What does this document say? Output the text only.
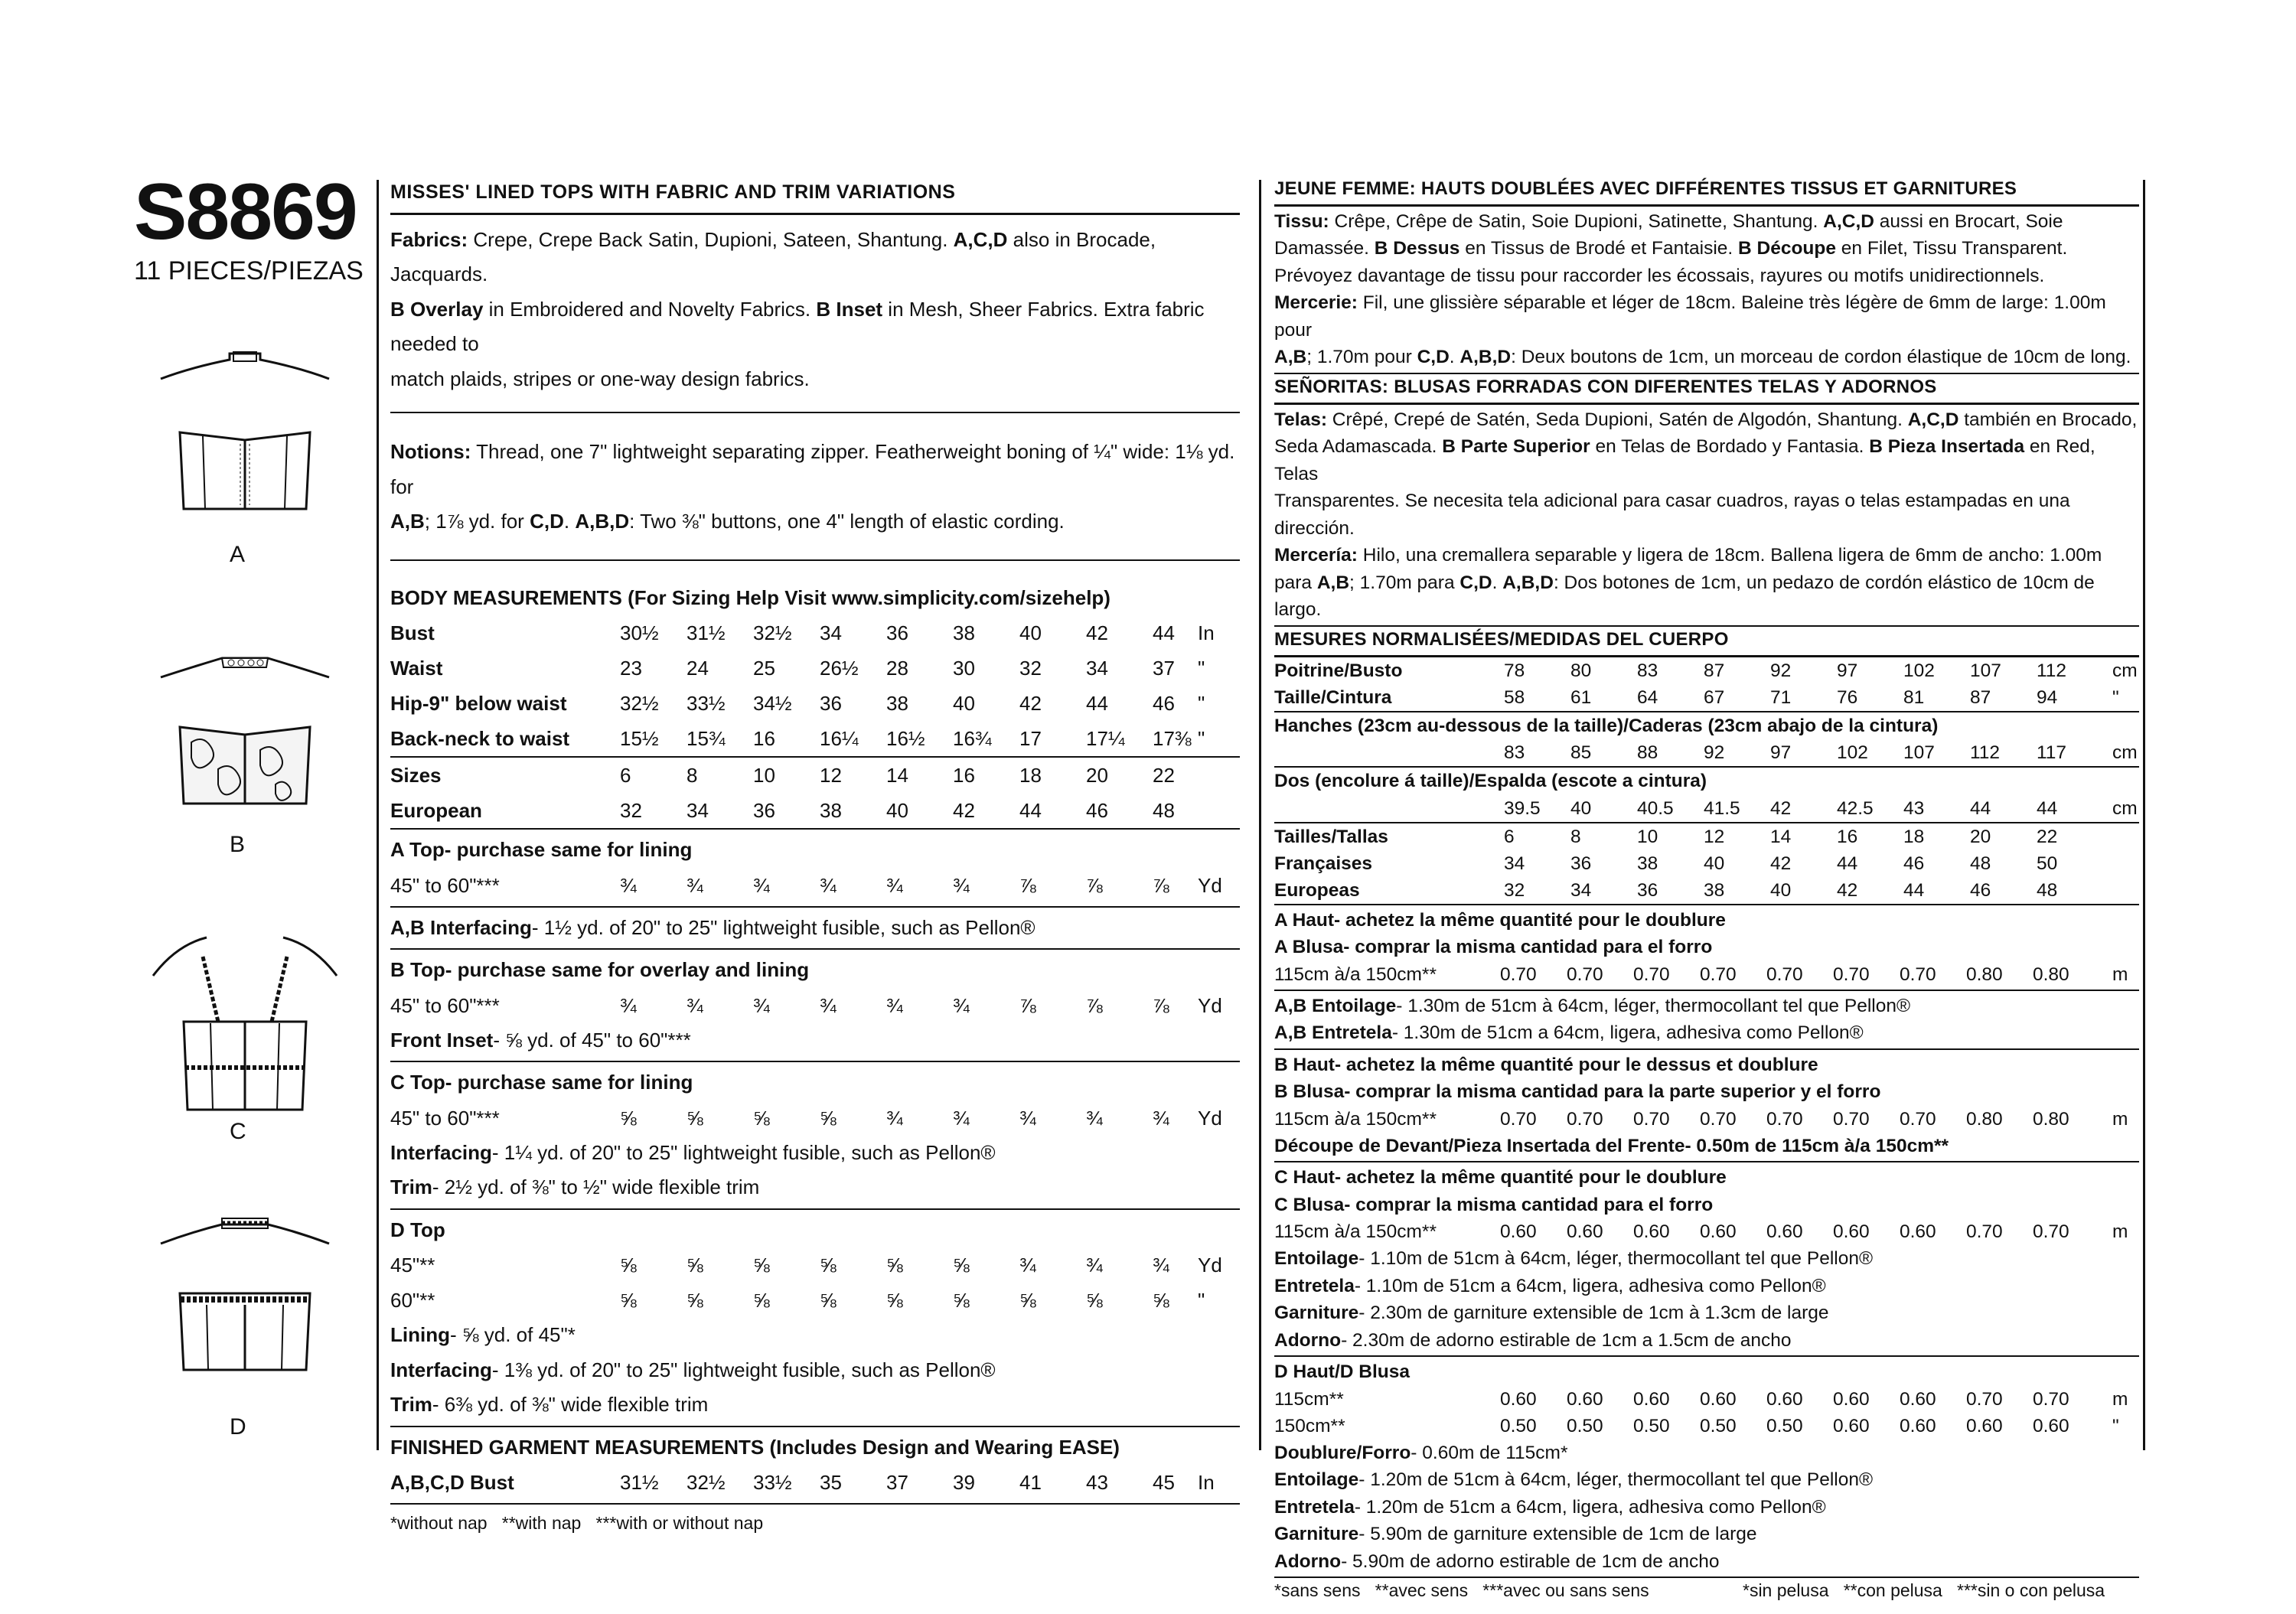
S8869
11 PIECES/PIEZAS
A
B
C
D
MISSES' LINED TOPS WITH FABRIC AND TRIM VARIATIONS
Fabrics: Crepe, Crepe Back Satin, Dupioni, Sateen, Shantung. A,C,D also in Brocade, Jacquards.
B Overlay in Embroidered and Novelty Fabrics. B Inset in Mesh, Sheer Fabrics. Extra fabric needed to
match plaids, stripes or one-way design fabrics.
Notions: Thread, one 7" lightweight separating zipper. Featherweight boning of ¼" wide: 1⅛ yd. for
A,B; 1⅞ yd. for C,D. A,B,D: Two ⅜" buttons, one 4" length of elastic cording.
BODY MEASUREMENTS (For Sizing Help Visit www.simplicity.com/sizehelp)
Bust	30½ 31½ 32½ 34 36 38 40 42 44 In
Waist	23 24 25 26½ 28 30 32 34 37 "
Hip-9" below waist	32½ 33½ 34½ 36 38 40 42 44 46 "
Back-neck to waist	15½ 15¾ 16 16¼ 16½ 16¾ 17 17¼ 17⅜ "
Sizes	6	8	10 12 14 16 18 20 22
European	32 34 36 38 40 42 44 46 48
A Top- purchase same for lining
45" to 60"***	¾	¾	¾	¾	¾	¾	⅞	⅞	⅞ Yd
A,B Interfacing- 1½ yd. of 20" to 25" lightweight fusible, such as Pellon®
B Top- purchase same for overlay and lining
45" to 60"***	¾	¾	¾	¾	¾	¾	⅞	⅞	⅞ Yd
Front Inset- ⅝ yd. of 45" to 60"***
C Top- purchase same for lining
45" to 60"***	⅝	⅝	⅝	⅝	¾	¾	¾	¾	¾ Yd
Interfacing- 1¼ yd. of 20" to 25" lightweight fusible, such as Pellon®
Trim- 2½ yd. of ⅜" to ½" wide flexible trim
D Top
45"**	⅝	⅝	⅝	⅝	⅝	⅝	¾	¾	¾ Yd
60"**	⅝	⅝	⅝	⅝	⅝	⅝	⅝	⅝	⅝ "
Lining- ⅝ yd. of 45"*
Interfacing- 1⅜ yd. of 20" to 25" lightweight fusible, such as Pellon®
Trim- 6⅜ yd. of ⅜" wide flexible trim
FINISHED GARMENT MEASUREMENTS (Includes Design and Wearing EASE)
A,B,C,D Bust	31½ 32½ 33½ 35 37 39 41 43 45 In
*without nap   **with nap   ***with or without nap
JEUNE FEMME: HAUTS DOUBLÉES AVEC DIFFÉRENTES TISSUS ET GARNITURES
Tissu: Crêpe, Crêpe de Satin, Soie Dupioni, Satinette, Shantung. A,C,D aussi en Brocart, Soie
Damassée. B Dessus en Tissus de Brodé et Fantaisie. B Découpe en Filet, Tissu Transparent.
Prévoyez davantage de tissu pour raccorder les écossais, rayures ou motifs unidirectionnels.
Mercerie: Fil, une glissière séparable et léger de 18cm. Baleine très légère de 6mm de large: 1.00m pour
A,B; 1.70m pour C,D. A,B,D: Deux boutons de 1cm, un morceau de cordon élastique de 10cm de long.
SEÑORITAS: BLUSAS FORRADAS CON DIFERENTES TELAS Y ADORNOS
Telas: Crêpé, Crepé de Satén, Seda Dupioni, Satén de Algodón, Shantung. A,C,D también en Brocado,
Seda Adamascada. B Parte Superior en Telas de Bordado y Fantasia. B Pieza Insertada en Red, Telas
Transparentes. Se necesita tela adicional para casar cuadros, rayas o telas estampadas en una dirección.
Mercería: Hilo, una cremallera separable y ligera de 18cm. Ballena ligera de 6mm de ancho: 1.00m
para A,B; 1.70m para C,D. A,B,D: Dos botones de 1cm, un pedazo de cordón elástico de 10cm de largo.
MESURES NORMALISÉES/MEDIDAS DEL CUERPO
Poitrine/Busto	78 80 83 87 92 97 102 107 112 cm
Taille/Cintura	58 61 64 67 71 76 81 87 94	"
Hanches (23cm au-dessous de la taille)/Caderas (23cm abajo de la cintura)
83 85 88 92 97 102 107 112 117 cm
Dos (encolure á taille)/Espalda (escote a cintura)
39.5 40 40.5 41.5 42 42.5 43 44 44	cm
Tailles/Tallas	6	8	10 12 14 16 18 20 22
Françaises	34 36 38 40 42 44 46 48 50
Europeas	32 34 36 38 40 42 44 46 48
A Haut- achetez la même quantité pour le doublure
A Blusa- comprar la misma cantidad para el forro
115cm à/a 150cm**	0.70 0.70 0.70 0.70 0.70 0.70 0.70 0.80 0.80 m
A,B Entoilage- 1.30m de 51cm à 64cm, léger, thermocollant tel que Pellon®
A,B Entretela- 1.30m de 51cm a 64cm, ligera, adhesiva como Pellon®
B Haut- achetez la même quantité pour le dessus et doublure
B Blusa- comprar la misma cantidad para la parte superior y el forro
115cm à/a 150cm**	0.70 0.70 0.70 0.70 0.70 0.70 0.70 0.80 0.80 m
Découpe de Devant/Pieza Insertada del Frente- 0.50m de 115cm à/a 150cm**
C Haut- achetez la même quantité pour le doublure
C Blusa- comprar la misma cantidad para el forro
115cm à/a 150cm**	0.60 0.60 0.60 0.60 0.60 0.60 0.60 0.70 0.70 m
Entoilage- 1.10m de 51cm à 64cm, léger, thermocollant tel que Pellon®
Entretela- 1.10m de 51cm a 64cm, ligera, adhesiva como Pellon®
Garniture- 2.30m de garniture extensible de 1cm à 1.3cm de large
Adorno- 2.30m de adorno estirable de 1cm a 1.5cm de ancho
D Haut/D Blusa
115cm**	0.60 0.60 0.60 0.60 0.60 0.60 0.60 0.70 0.70 m
150cm**	0.50 0.50 0.50 0.50 0.50 0.60 0.60 0.60 0.60 "
Doublure/Forro- 0.60m de 115cm*
Entoilage- 1.20m de 51cm à 64cm, léger, thermocollant tel que Pellon®
Entretela- 1.20m de 51cm a 64cm, ligera, adhesiva como Pellon®
Garniture- 5.90m de garniture extensible de 1cm de large
Adorno- 5.90m de adorno estirable de 1cm de ancho
*sans sens   **avec sens   ***avec ou sans sens	*sin pelusa   **con pelusa   ***sin o con pelusa
